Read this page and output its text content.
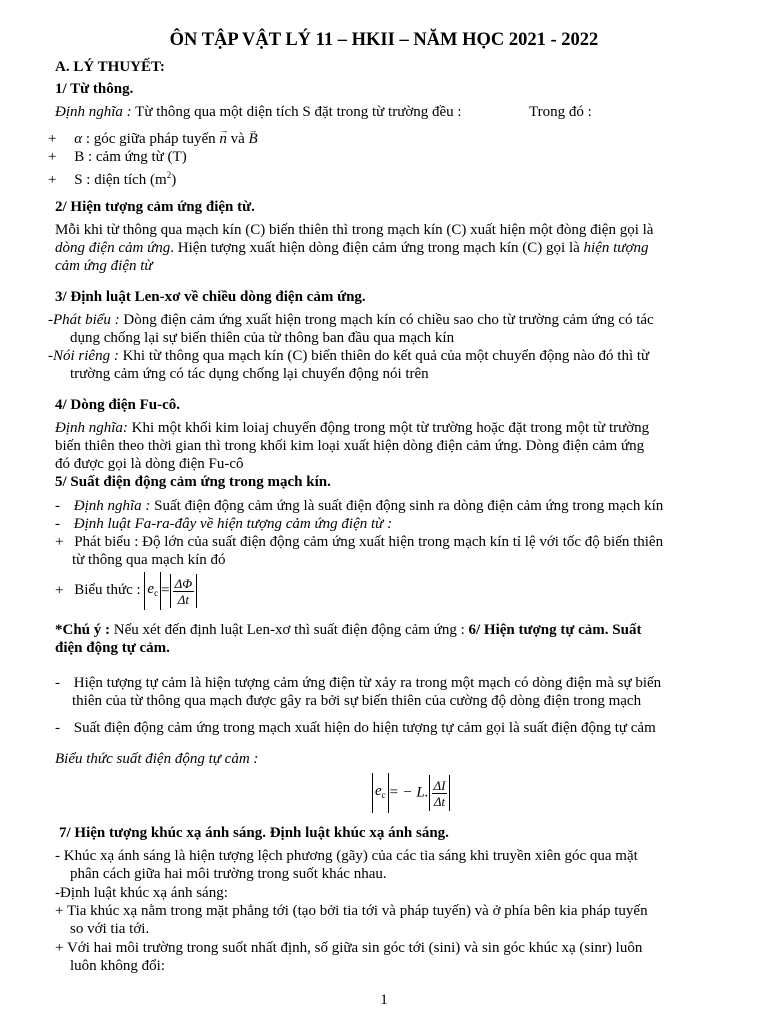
ÔN TẬP VẬT LÝ 11 – HKII – NĂM HỌC 2021 - 2022
A. LÝ THUYẾT:
1/ Từ thông.
Định nghĩa : Từ thông qua một diện tích S đặt trong từ trường đều :	Trong đó :
+ α : góc giữa pháp tuyến → n và → B
+ B : cảm ứng từ (T)
+ S : diện tích $(m^2)$
2/ Hiện tượng cảm ứng điện từ.
Mỗi khi từ thông qua mạch kín (C) biến thiên thì trong mạch kín (C) xuất hiện một đòng điện gọi là
dòng điện cảm ứng. Hiện tượng xuất hiện dòng điện cảm ứng trong mạch kín (C) gọi là hiện tượng
cảm ứng điện từ
3/ Định luật Len-xơ về chiều dòng điện cảm ứng.
-Phát biểu : Dòng điện cảm ứng xuất hiện trong mạch kín có chiều sao cho từ trường cảm ứng có tác
dụng chống lại sự biến thiên của từ thông ban đầu qua mạch kín
-Nói riêng : Khi từ thông qua mạch kín (C) biến thiên do kết quả của một chuyển động nào đó thì từ
trường cảm ứng có tác dụng chống lại chuyển động nói trên
4/ Dòng điện Fu-cô.
Định nghĩa: Khi một khối kim loiaj chuyển động trong một từ trường hoặc đặt trong một từ trường
biến thiên theo thời gian thì trong khối kim loại xuất hiện dòng điện cảm ứng. Dòng điện cảm ứng
đó được gọi là dòng điện Fu-cô
5/ Suất điện động cảm ứng trong mạch kín.
- Định nghĩa : Suất điện động cảm ứng là suất điện động sinh ra dòng điện cảm ứng trong mạch kín
- Định luật Fa-ra-đây về hiện tượng cảm ứng điện từ :
+ Phát biểu : Độ lớn của suất điện động cảm ứng xuất hiện trong mạch kín tỉ lệ với tốc độ biến thiên
từ thông qua mạch kín đó
+ Biểu thức : $e_c = \frac{\Delta\Phi}{\Delta t}$
*Chú ý : Nếu xét đến định luật Len-xơ thì suất điện động cảm ứng : 6/ Hiện tượng tự cảm. Suất
điện động tự cảm.
- Hiện tượng tự cảm là hiện tượng cảm ứng điện từ xảy ra trong một mạch có dòng điện mà sự biến
thiên của từ thông qua mạch được gây ra bởi sự biến thiên của cường độ dòng điện trong mạch
- Suất điện động cảm ứng trong mạch xuất hiện do hiện tượng tự cảm gọi là suất điện động tự cảm
Biểu thức suất điện động tự cảm :
$e_c$ = − L. $\frac{\Delta I}{\Delta t}$
7/ Hiện tượng khúc xạ ánh sáng. Định luật khúc xạ ánh sáng.
- Khúc xạ ánh sáng là hiện tượng lệch phương (gãy) của các tia sáng khi truyền xiên góc qua mặt
phân cách giữa hai môi trường trong suốt khác nhau.
-Định luật khúc xạ ánh sáng:
+ Tia khúc xạ nằm trong mặt phẳng tới (tạo bởi tia tới và pháp tuyến) và ở phía bên kia pháp tuyến
so với tia tới.
+ Với hai môi trường trong suốt nhất định, số giữa sin góc tới (sini) và sin góc khúc xạ (sinr) luôn
luôn không đổi:
1
